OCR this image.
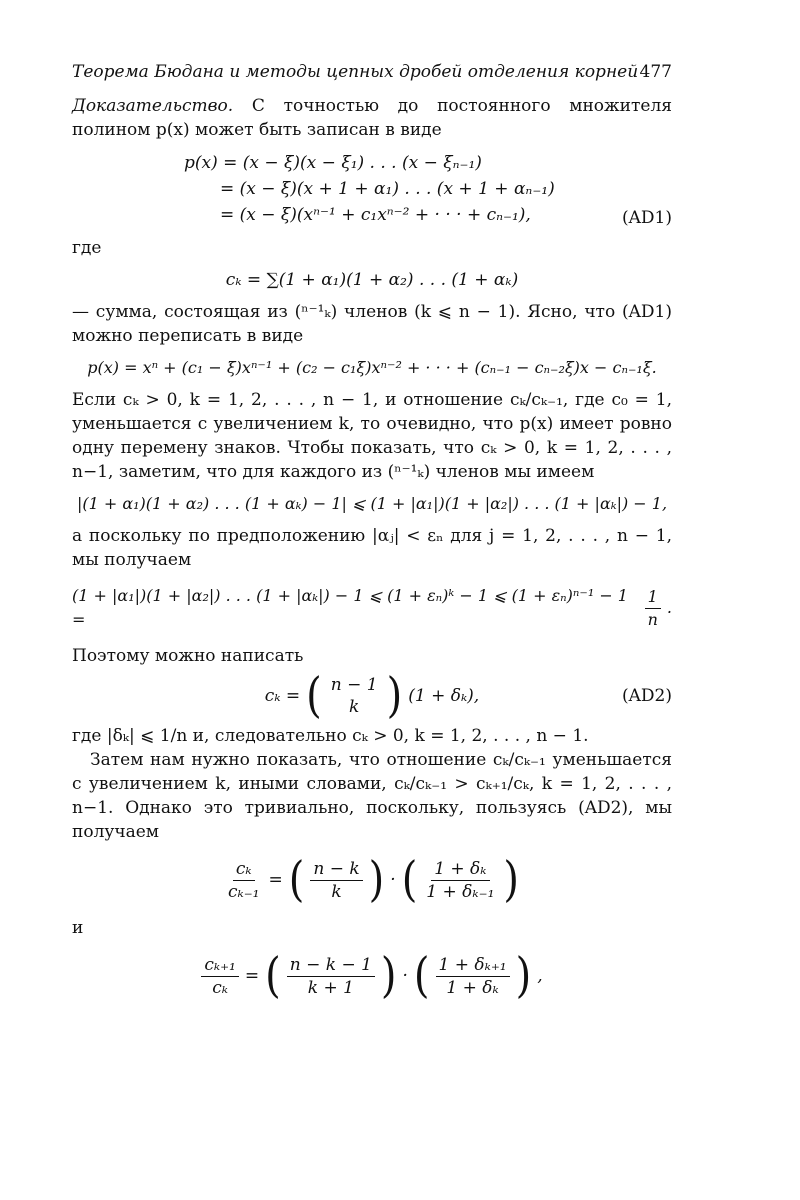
Теорема Бюдана и методы цепных дробей отделения корней 477

Доказательство. С точностью до постоянного множителя полином p(x) может быть записан в виде

p(x) = (x − ξ)(x − ξ₁) . . . (x − ξₙ₋₁)
= (x − ξ)(x + 1 + α₁) . . . (x + 1 + αₙ₋₁)
= (x − ξ)(xⁿ⁻¹ + c₁xⁿ⁻² + · · · + cₙ₋₁),	(AD1)
где
cₖ = ∑(1 + α₁)(1 + α₂) . . . (1 + αₖ)

— сумма, состоящая из (ⁿ⁻¹ₖ) членов (k ⩽ n − 1). Ясно, что (AD1) можно переписать в виде

p(x) = xⁿ + (c₁ − ξ)xⁿ⁻¹ + (c₂ − c₁ξ)xⁿ⁻² + · · · + (cₙ₋₁ − cₙ₋₂ξ)x − cₙ₋₁ξ.

Если cₖ > 0, k = 1, 2, . . . , n − 1, и отношение cₖ/cₖ₋₁, где c₀ = 1, уменьшается с увеличением k, то очевидно, что p(x) имеет ровно одну перемену знаков. Чтобы показать, что cₖ > 0, k = 1, 2, . . . , n−1, заметим, что для каждого из (ⁿ⁻¹ₖ) членов мы имеем

|(1 + α₁)(1 + α₂) . . . (1 + αₖ) − 1| ⩽ (1 + |α₁|)(1 + |α₂|) . . . (1 + |αₖ|) − 1,

а поскольку по предположению |αⱼ| < εₙ для j = 1, 2, . . . , n − 1, мы получаем

(1 + |α₁|)(1 + |α₂|) . . . (1 + |αₖ|) − 1 ⩽ (1 + εₙ)ᵏ − 1 ⩽ (1 + εₙ)ⁿ⁻¹ − 1 =	$\frac{1}{n}$ .

Поэтому можно написать

cₖ = ( n − 1
k ) (1 + δₖ),	(AD2)

где |δₖ| ⩽ 1/n и, следовательно cₖ > 0, k = 1, 2, . . . , n − 1.

Затем нам нужно показать, что отношение cₖ/cₖ₋₁ уменьшается с увеличением k, иными словами, cₖ/cₖ₋₁ > cₖ₊₁/cₖ, k = 1, 2, . . . , n−1. Однако это тривиально, поскольку, пользуясь (AD2), мы получаем

$\frac{\text{cₖ}}{\text{cₖ₋₁}}$ = ( $\frac{n - k}{k}$ ) · ( $\frac{\text{1 + δₖ}}{\text{1 + δₖ₋₁}}$ )
и
$\frac{\text{cₖ₊₁}}{\text{cₖ}}$ = ( $\frac{n - k - 1}{k + 1}$ ) · ( $\frac{\text{1 + δₖ₊₁}}{\text{1 + δₖ}}$ ) ,
